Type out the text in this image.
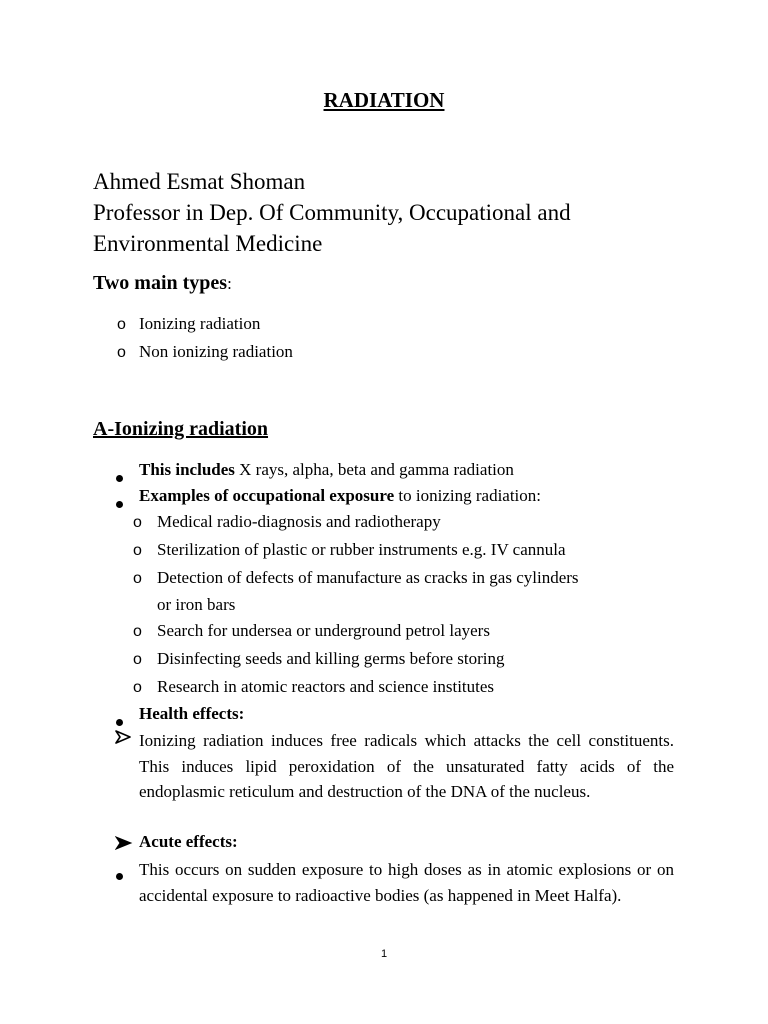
RADIATION
Ahmed Esmat Shoman
Professor in Dep. Of Community, Occupational and
Environmental Medicine
Two main types:
o Ionizing radiation
o Non ionizing radiation
A-Ionizing radiation
This includes X rays, alpha, beta and gamma radiation
Examples of occupational exposure to ionizing radiation:
o Medical radio-diagnosis and radiotherapy
o Sterilization of plastic or rubber instruments e.g. IV cannula
o Detection of defects of manufacture as cracks in gas cylinders
or iron bars
o Search for undersea or underground petrol layers
o Disinfecting seeds and killing germs before storing
o Research in atomic reactors and science institutes
Health effects:
Ionizing radiation induces free radicals which attacks the cell constituents. This induces lipid peroxidation of the unsaturated fatty acids of the endoplasmic reticulum and destruction of the DNA of the nucleus.
Acute effects:
This occurs on sudden exposure to high doses as in atomic explosions or on accidental exposure to radioactive bodies (as happened in Meet Halfa).
1
